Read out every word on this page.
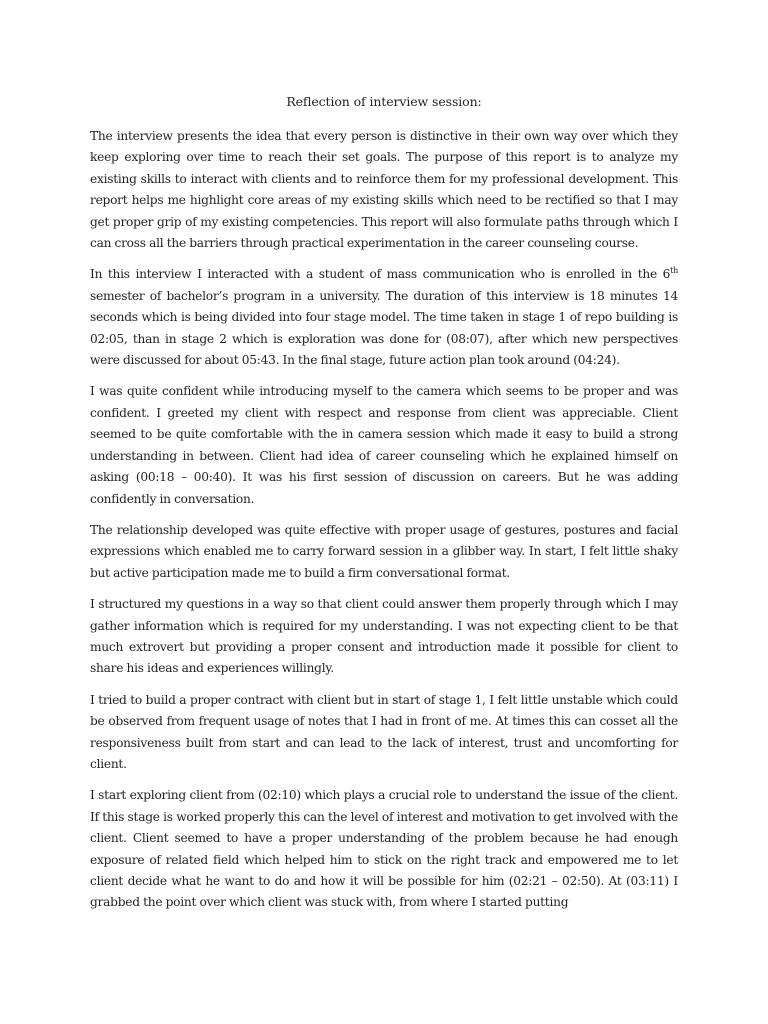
Reflection of interview session:

The interview presents the idea that every person is distinctive in their own way over which they keep exploring over time to reach their set goals. The purpose of this report is to analyze my existing skills to interact with clients and to reinforce them for my professional development. This report helps me highlight core areas of my existing skills which need to be rectified so that I may get proper grip of my existing competencies. This report will also formulate paths through which I can cross all the barriers through practical experimentation in the career counseling course.

In this interview I interacted with a student of mass communication who is enrolled in the 6th semester of bachelor’s program in a university. The duration of this interview is 18 minutes 14 seconds which is being divided into four stage model. The time taken in stage 1 of repo building is 02:05, than in stage 2 which is exploration was done for (08:07), after which new perspectives were discussed for about 05:43. In the final stage, future action plan took around (04:24).

I was quite confident while introducing myself to the camera which seems to be proper and was confident. I greeted my client with respect and response from client was appreciable. Client seemed to be quite comfortable with the in camera session which made it easy to build a strong understanding in between. Client had idea of career counseling which he explained himself on asking (00:18 – 00:40). It was his first session of discussion on careers. But he was adding confidently in conversation.

The relationship developed was quite effective with proper usage of gestures, postures and facial expressions which enabled me to carry forward session in a glibber way. In start, I felt little shaky but active participation made me to build a firm conversational format.

I structured my questions in a way so that client could answer them properly through which I may gather information which is required for my understanding. I was not expecting client to be that much extrovert but providing a proper consent and introduction made it possible for client to share his ideas and experiences willingly.

I tried to build a proper contract with client but in start of stage 1, I felt little unstable which could be observed from frequent usage of notes that I had in front of me. At times this can cosset all the responsiveness built from start and can lead to the lack of interest, trust and uncomforting for client.

I start exploring client from (02:10) which plays a crucial role to understand the issue of the client. If this stage is worked properly this can the level of interest and motivation to get involved with the client. Client seemed to have a proper understanding of the problem because he had enough exposure of related field which helped him to stick on the right track and empowered me to let client decide what he want to do and how it will be possible for him (02:21 – 02:50). At (03:11) I grabbed the point over which client was stuck with, from where I started putting
